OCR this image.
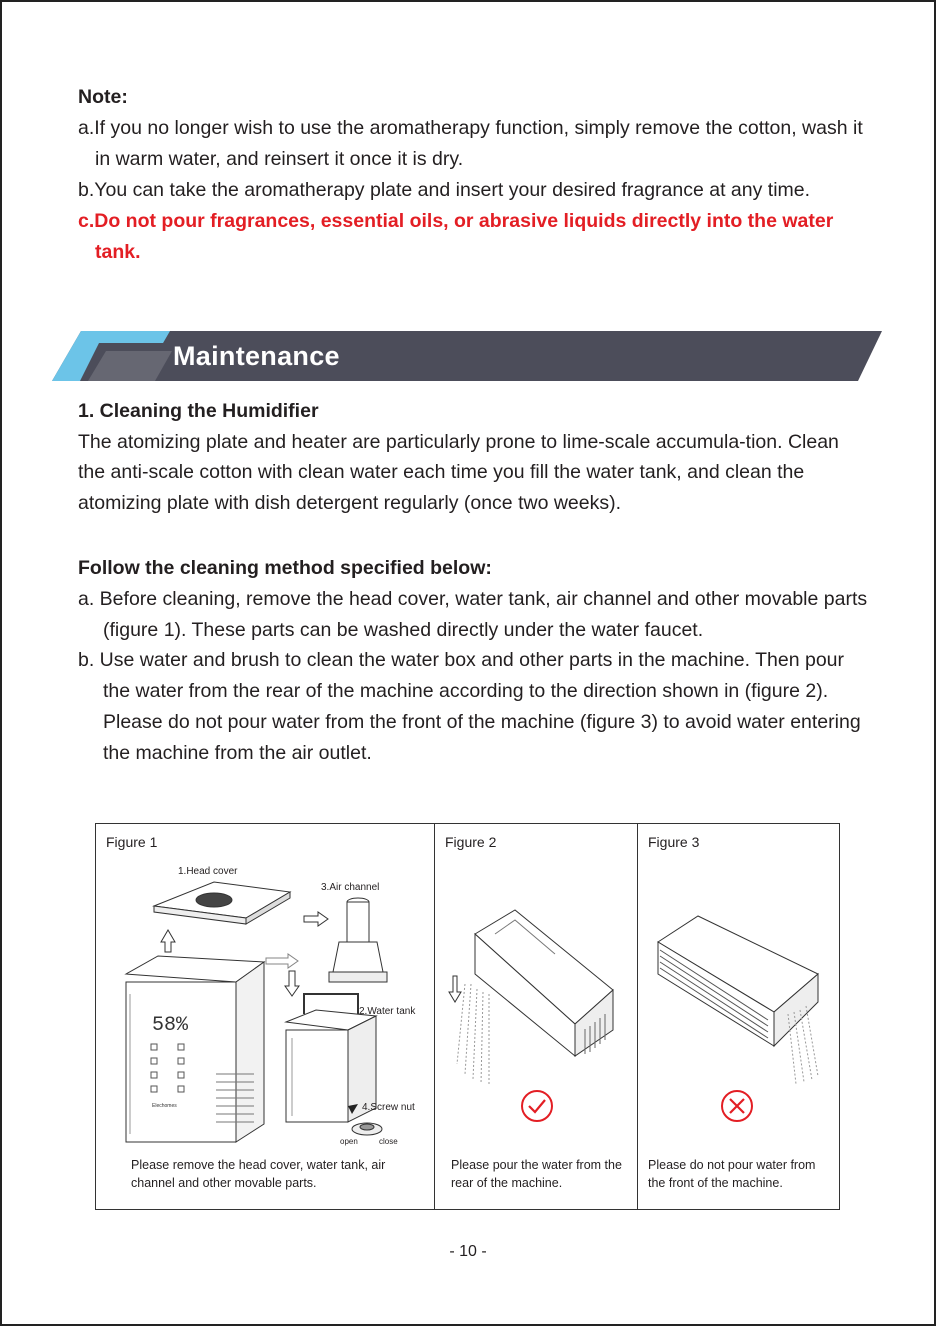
Note:
a.If you no longer wish to use the aromatherapy function, simply remove the cotton, wash it in warm water, and reinsert it once it is dry.
b.You can take the aromatherapy plate and insert your desired fragrance at any time.
c.Do not pour fragrances, essential oils, or abrasive liquids directly into the water tank.
Maintenance
1. Cleaning the Humidifier
The atomizing plate and heater are particularly prone to lime-scale accumula-tion. Clean the anti-scale cotton with clean water each time you fill the water tank, and clean the atomizing plate with dish detergent regularly (once two weeks).
Follow the cleaning method specified below:
a. Before cleaning, remove the head cover, water tank, air channel and other movable parts (figure 1). These parts can be washed directly under the water faucet.
b. Use water and brush to clean the water box and other parts in the machine. Then pour the water from the rear of the machine according to the direction shown in (figure 2). Please do not pour water from the front of the machine (figure 3) to avoid water entering the machine from the air outlet.
58%
Elechomes
Figure 1
1.Head cover
3.Air channel
2.Water tank
4.Screw nut
open	close
Please remove the head cover, water tank, air channel and other movable parts.
Figure 2
Please pour the water from the rear of the machine.
Figure 3
Please do not pour water from the front of the machine.
- 10 -
